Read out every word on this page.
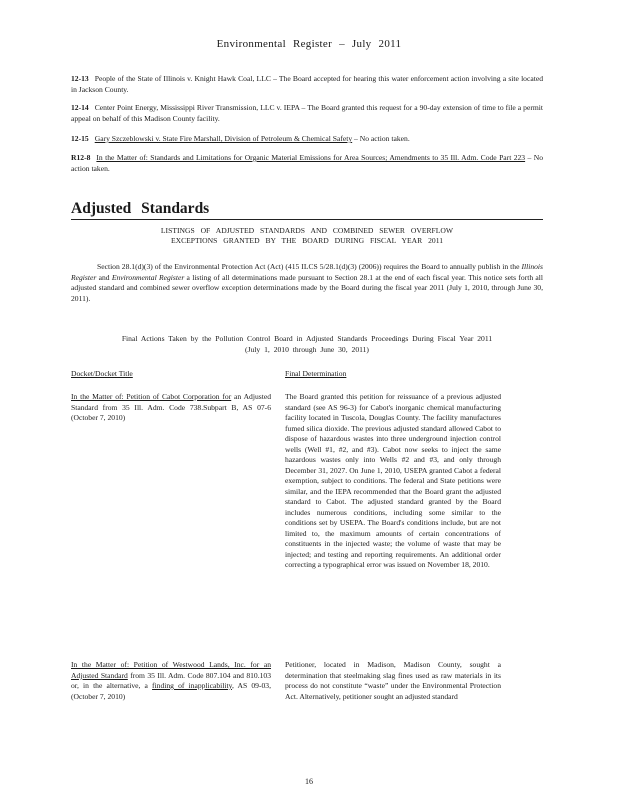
Environmental Register – July 2011
12-13 People of the State of Illinois v. Knight Hawk Coal, LLC – The Board accepted for hearing this water enforcement action involving a site located in Jackson County.
12-14 Center Point Energy, Mississippi River Transmission, LLC v. IEPA – The Board granted this request for a 90-day extension of time to file a permit appeal on behalf of this Madison County facility.
12-15 Gary Szczeblowski v. State Fire Marshall, Division of Petroleum & Chemical Safety – No action taken.
R12-8 In the Matter of: Standards and Limitations for Organic Material Emissions for Area Sources; Amendments to 35 Ill. Adm. Code Part 223 – No action taken.
Adjusted Standards
LISTINGS OF ADJUSTED STANDARDS AND COMBINED SEWER OVERFLOW
EXCEPTIONS GRANTED BY THE BOARD DURING FISCAL YEAR 2011
Section 28.1(d)(3) of the Environmental Protection Act (Act) (415 ILCS 5/28.1(d)(3) (2006)) requires the Board to annually publish in the Illinois Register and Environmental Register a listing of all determinations made pursuant to Section 28.1 at the end of each fiscal year. This notice sets forth all adjusted standard and combined sewer overflow exception determinations made by the Board during the fiscal year 2011 (July 1, 2010, through June 30, 2011).
Final Actions Taken by the Pollution Control Board in Adjusted Standards Proceedings During Fiscal Year 2011
(July 1, 2010 through June 30, 2011)
Docket/Docket Title	Final Determination
In the Matter of: Petition of Cabot Corporation for an Adjusted Standard from 35 Ill. Adm. Code 738.Subpart B, AS 07-6 (October 7, 2010)
The Board granted this petition for reissuance of a previous adjusted standard (see AS 96-3) for Cabot's inorganic chemical manufacturing facility located in Tuscola, Douglas County. The facility manufactures fumed silica dioxide. The previous adjusted standard allowed Cabot to dispose of hazardous wastes into three underground injection control wells (Well #1, #2, and #3). Cabot now seeks to inject the same hazardous wastes only into Wells #2 and #3, and only through December 31, 2027. On June 1, 2010, USEPA granted Cabot a federal exemption, subject to conditions. The federal and State petitions were similar, and the IEPA recommended that the Board grant the adjusted standard to Cabot. The adjusted standard granted by the Board includes numerous conditions, including some similar to the conditions set by USEPA. The Board's conditions include, but are not limited to, the maximum amounts of certain concentrations of constituents in the injected waste; the volume of waste that may be injected; and testing and reporting requirements. An additional order correcting a typographical error was issued on November 18, 2010.
In the Matter of: Petition of Westwood Lands, Inc. for an Adjusted Standard from 35 Ill. Adm. Code 807.104 and 810.103 or, in the alternative, a finding of inapplicability, AS 09-03, (October 7, 2010)
Petitioner, located in Madison, Madison County, sought a determination that steelmaking slag fines used as raw materials in its process do not constitute “waste” under the Environmental Protection Act. Alternatively, petitioner sought an adjusted standard
16
